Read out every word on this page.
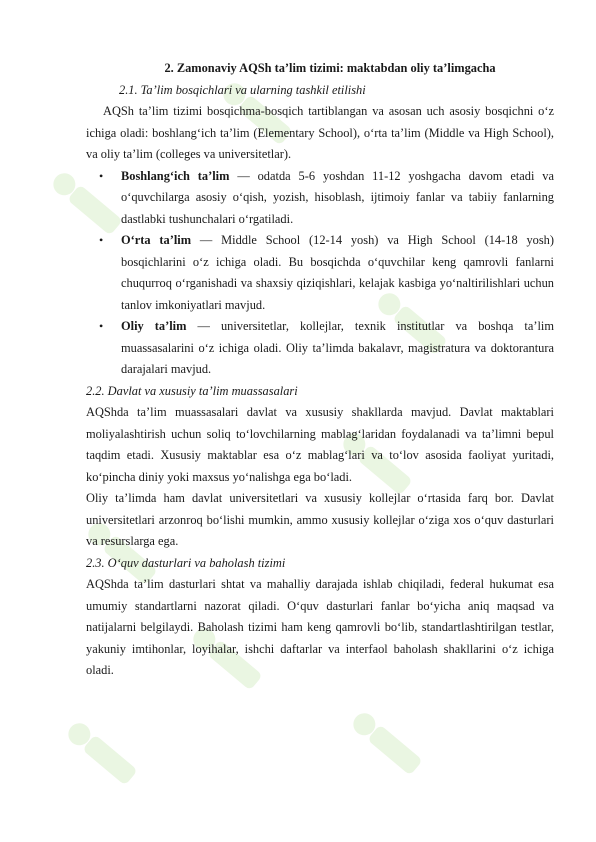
2. Zamonaviy AQSh ta’lim tizimi: maktabdan oliy ta’limgacha

2.1. Ta’lim bosqichlari va ularning tashkil etilishi

AQSh ta’lim tizimi bosqichma-bosqich tartiblangan va asosan uch asosiy bosqichni o‘z ichiga oladi: boshlang‘ich ta’lim (Elementary School), o‘rta ta’lim (Middle va High School), va oliy ta’lim (colleges va universitetlar).

• Boshlang‘ich ta’lim — odatda 5-6 yoshdan 11-12 yoshgacha davom etadi va o‘quvchilarga asosiy o‘qish, yozish, hisoblash, ijtimoiy fanlar va tabiiy fanlarning dastlabki tushunchalari o‘rgatiladi.
• O‘rta ta’lim — Middle School (12-14 yosh) va High School (14-18 yosh) bosqichlarini o‘z ichiga oladi. Bu bosqichda o‘quvchilar keng qamrovli fanlarni chuqurroq o‘rganishadi va shaxsiy qiziqishlari, kelajak kasbiga yo‘naltirilishlari uchun tanlov imkoniyatlari mavjud.
• Oliy ta’lim — universitetlar, kollejlar, texnik institutlar va boshqa ta’lim muassasalarini o‘z ichiga oladi. Oliy ta’limda bakalavr, magistratura va doktorantura darajalari mavjud.

2.2. Davlat va xususiy ta’lim muassasalari

AQShda ta’lim muassasalari davlat va xususiy shakllarda mavjud. Davlat maktablari moliyalashtirish uchun soliq to‘lovchilarning mablag‘laridan foydalanadi va ta’limni bepul taqdim etadi. Xususiy maktablar esa o‘z mablag‘lari va to‘lov asosida faoliyat yuritadi, ko‘pincha diniy yoki maxsus yo‘nalishga ega bo‘ladi.

Oliy ta’limda ham davlat universitetlari va xususiy kollejlar o‘rtasida farq bor. Davlat universitetlari arzonroq bo‘lishi mumkin, ammo xususiy kollejlar o‘ziga xos o‘quv dasturlari va resurslarga ega.

2.3. O‘quv dasturlari va baholash tizimi

AQShda ta’lim dasturlari shtat va mahalliy darajada ishlab chiqiladi, federal hukumat esa umumiy standartlarni nazorat qiladi. O‘quv dasturlari fanlar bo‘yicha aniq maqsad va natijalarni belgilaydi. Baholash tizimi ham keng qamrovli bo‘lib, standartlashtirilgan testlar, yakuniy imtihonlar, loyihalar, ishchi daftarlar va interfaol baholash shakllarini o‘z ichiga oladi.
